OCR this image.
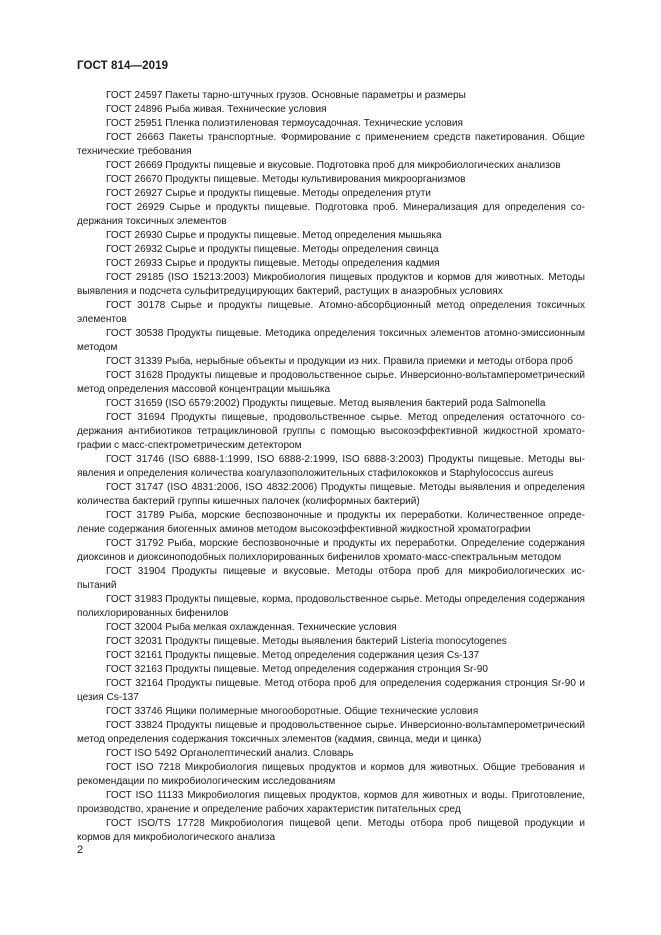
ГОСТ 814—2019

ГОСТ 24597 Пакеты тарно-штучных грузов. Основные параметры и размеры

ГОСТ 24896 Рыба живая. Технические условия

ГОСТ 25951 Пленка полиэтиленовая термоусадочная. Технические условия

ГОСТ 26663 Пакеты транспортные. Формирование с применением средств пакетирования. Общие технические требования

ГОСТ 26669 Продукты пищевые и вкусовые. Подготовка проб для микробиологических анализов

ГОСТ 26670 Продукты пищевые. Методы культивирования микроорганизмов

ГОСТ 26927 Сырье и продукты пищевые. Методы определения ртути

ГОСТ 26929 Сырье и продукты пищевые. Подготовка проб. Минерализация для определения содержания токсичных элементов

ГОСТ 26930 Сырье и продукты пищевые. Метод определения мышьяка

ГОСТ 26932 Сырье и продукты пищевые. Методы определения свинца

ГОСТ 26933 Сырье и продукты пищевые. Методы определения кадмия

ГОСТ 29185 (ISO 15213:2003) Микробиология пищевых продуктов и кормов для животных. Методы выявления и подсчета сульфитредуцирующих бактерий, растущих в анаэробных условиях

ГОСТ 30178 Сырье и продукты пищевые. Атомно-абсорбционный метод определения токсичных элементов

ГОСТ 30538 Продукты пищевые. Методика определения токсичных элементов атомно-эмиссионным методом

ГОСТ 31339 Рыба, нерыбные объекты и продукции из них. Правила приемки и методы отбора проб

ГОСТ 31628 Продукты пищевые и продовольственное сырье. Инверсионно-вольтамперометрический метод определения массовой концентрации мышьяка

ГОСТ 31659 (ISO 6579:2002) Продукты пищевые. Метод выявления бактерий рода Salmonella

ГОСТ 31694 Продукты пищевые, продовольственное сырье. Метод определения остаточного содержания антибиотиков тетрациклиновой группы с помощью высокоэффективной жидкостной хроматографии с масс-спектрометрическим детектором

ГОСТ 31746 (ISO 6888-1:1999, ISO 6888-2:1999, ISO 6888-3:2003) Продукты пищевые. Методы выявления и определения количества коагулазоположительных стафилококков и Staphylococcus aureus

ГОСТ 31747 (ISO 4831:2006, ISO 4832:2006) Продукты пищевые. Методы выявления и определения количества бактерий группы кишечных палочек (колиформных бактерий)

ГОСТ 31789 Рыба, морские беспозвоночные и продукты их переработки. Количественное определение содержания биогенных аминов методом высокоэффективной жидкостной хроматографии

ГОСТ 31792 Рыба, морские беспозвоночные и продукты их переработки. Определение содержания диоксинов и диоксиноподобных полихлорированных бифенилов хромато-масс-спектральным методом

ГОСТ 31904 Продукты пищевые и вкусовые. Методы отбора проб для микробиологических испытаний

ГОСТ 31983 Продукты пищевые, корма, продовольственное сырье. Методы определения содержания полихлорированных бифенилов

ГОСТ 32004 Рыба мелкая охлажденная. Технические условия

ГОСТ 32031 Продукты пищевые. Методы выявления бактерий Listeria monocytogenes

ГОСТ 32161 Продукты пищевые. Метод определения содержания цезия Cs-137

ГОСТ 32163 Продукты пищевые. Метод определения содержания стронция Sr-90

ГОСТ 32164 Продукты пищевые. Метод отбора проб для определения содержания стронция Sr-90 и цезия Cs-137

ГОСТ 33746 Ящики полимерные многооборотные. Общие технические условия

ГОСТ 33824 Продукты пищевые и продовольственное сырье. Инверсионно-вольтамперометрический метод определения содержания токсичных элементов (кадмия, свинца, меди и цинка)

ГОСТ ISO 5492 Органолептический анализ. Словарь

ГОСТ ISO 7218 Микробиология пищевых продуктов и кормов для животных. Общие требования и рекомендации по микробиологическим исследованиям

ГОСТ ISO 11133 Микробиология пищевых продуктов, кормов для животных и воды. Приготовление, производство, хранение и определение рабочих характеристик питательных сред

ГОСТ ISO/TS 17728 Микробиология пищевой цепи. Методы отбора проб пищевой продукции и кормов для микробиологического анализа

2
